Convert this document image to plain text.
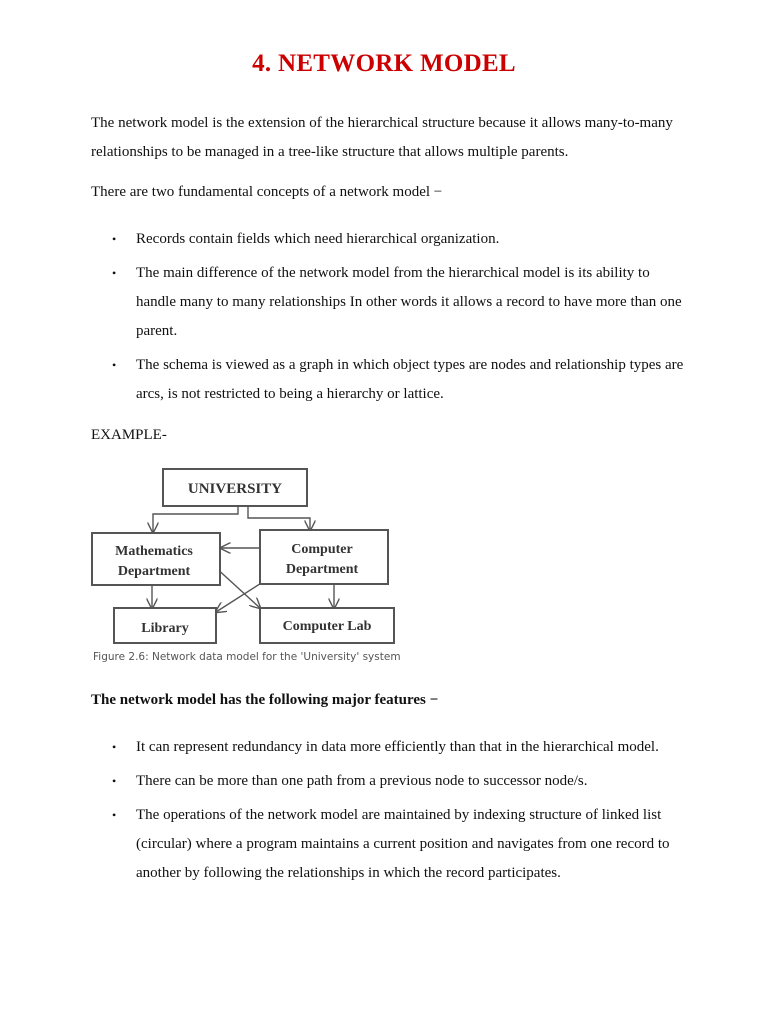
4. NETWORK MODEL
The network model is the extension of the hierarchical structure because it allows many-to-many relationships to be managed in a tree-like structure that allows multiple parents.
There are two fundamental concepts of a network model −
• Records contain fields which need hierarchical organization.
• The main difference of the network model from the hierarchical model is its ability to handle many to many relationships In other words it allows a record to have more than one parent.
• The schema is viewed as a graph in which object types are nodes and relationship types are arcs, is not restricted to being a hierarchy or lattice.
EXAMPLE-
UNIVERSITY
Mathematics
Department
Computer
Department
Library	Computer Lab
Figure 2.6: Network data model for the 'University' system
The network model has the following major features −
• It can represent redundancy in data more efficiently than that in the hierarchical model.
• There can be more than one path from a previous node to successor node/s.
• The operations of the network model are maintained by indexing structure of linked list (circular) where a program maintains a current position and navigates from one record to another by following the relationships in which the record participates.
